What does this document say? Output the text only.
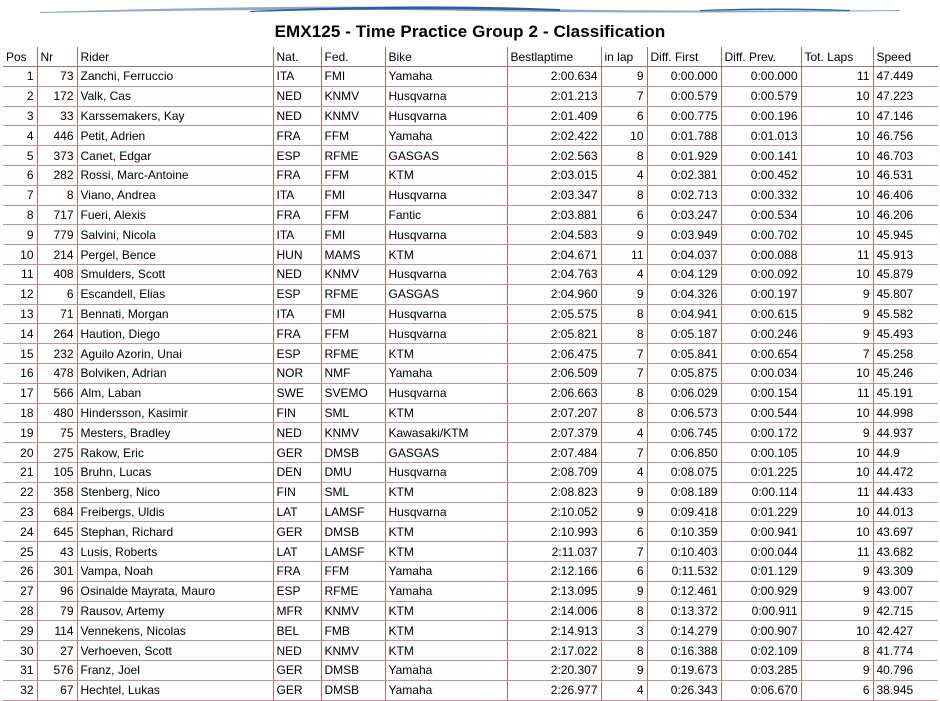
EMX125 - Time Practice Group 2 - Classification
Pos	Nr	Rider	Nat.	Fed.	Bike	Bestlaptime	in lap	Diff. First	Diff. Prev.	Tot. Laps	Speed
1	73	Zanchi, Ferruccio	ITA	FMI	Yamaha	2:00.634	9	0:00.000	0:00.000	11	47.449
2	172	Valk, Cas	NED	KNMV	Husqvarna	2:01.213	7	0:00.579	0:00.579	10	47.223
3	33	Karssemakers, Kay	NED	KNMV	Husqvarna	2:01.409	6	0:00.775	0:00.196	10	47.146
4	446	Petit, Adrien	FRA	FFM	Yamaha	2:02.422	10	0:01.788	0:01.013	10	46.756
5	373	Canet, Edgar	ESP	RFME	GASGAS	2:02.563	8	0:01.929	0:00.141	10	46.703
6	282	Rossi, Marc-Antoine	FRA	FFM	KTM	2:03.015	4	0:02.381	0:00.452	10	46.531
7	8	Viano, Andrea	ITA	FMI	Husqvarna	2:03.347	8	0:02.713	0:00.332	10	46.406
8	717	Fueri, Alexis	FRA	FFM	Fantic	2:03.881	6	0:03.247	0:00.534	10	46.206
9	779	Salvini, Nicola	ITA	FMI	Husqvarna	2:04.583	9	0:03.949	0:00.702	10	45.945
10	214	Pergel, Bence	HUN	MAMS	KTM	2:04.671	11	0:04.037	0:00.088	11	45.913
11	408	Smulders, Scott	NED	KNMV	Husqvarna	2:04.763	4	0:04.129	0:00.092	10	45.879
12	6	Escandell, Elias	ESP	RFME	GASGAS	2:04.960	9	0:04.326	0:00.197	9	45.807
13	71	Bennati, Morgan	ITA	FMI	Husqvarna	2:05.575	8	0:04.941	0:00.615	9	45.582
14	264	Haution, Diego	FRA	FFM	Husqvarna	2:05.821	8	0:05.187	0:00.246	9	45.493
15	232	Aguilo Azorin, Unai	ESP	RFME	KTM	2:06.475	7	0:05.841	0:00.654	7	45.258
16	478	Bolviken, Adrian	NOR	NMF	Yamaha	2:06.509	7	0:05.875	0:00.034	10	45.246
17	566	Alm, Laban	SWE	SVEMO	Husqvarna	2:06.663	8	0:06.029	0:00.154	11	45.191
18	480	Hindersson, Kasimir	FIN	SML	KTM	2:07.207	8	0:06.573	0:00.544	10	44.998
19	75	Mesters, Bradley	NED	KNMV	Kawasaki/KTM	2:07.379	4	0:06.745	0:00.172	9	44.937
20	275	Rakow, Eric	GER	DMSB	GASGAS	2:07.484	7	0:06.850	0:00.105	10	44.9
21	105	Bruhn, Lucas	DEN	DMU	Husqvarna	2:08.709	4	0:08.075	0:01.225	10	44.472
22	358	Stenberg, Nico	FIN	SML	KTM	2:08.823	9	0:08.189	0:00.114	11	44.433
23	684	Freibergs, Uldis	LAT	LAMSF	Husqvarna	2:10.052	9	0:09.418	0:01.229	10	44.013
24	645	Stephan, Richard	GER	DMSB	KTM	2:10.993	6	0:10.359	0:00.941	10	43.697
25	43	Lusis, Roberts	LAT	LAMSF	KTM	2:11.037	7	0:10.403	0:00.044	11	43.682
26	301	Vampa, Noah	FRA	FFM	Yamaha	2:12.166	6	0:11.532	0:01.129	9	43.309
27	96	Osinalde Mayrata, Mauro	ESP	RFME	Yamaha	2:13.095	9	0:12.461	0:00.929	9	43.007
28	79	Rausov, Artemy	MFR	KNMV	KTM	2:14.006	8	0:13.372	0:00.911	9	42.715
29	114	Vennekens, Nicolas	BEL	FMB	KTM	2:14.913	3	0:14.279	0:00.907	10	42.427
30	27	Verhoeven, Scott	NED	KNMV	KTM	2:17.022	8	0:16.388	0:02.109	8	41.774
31	576	Franz, Joel	GER	DMSB	Yamaha	2:20.307	9	0:19.673	0:03.285	9	40.796
32	67	Hechtel, Lukas	GER	DMSB	Yamaha	2:26.977	4	0:26.343	0:06.670	6	38.945
